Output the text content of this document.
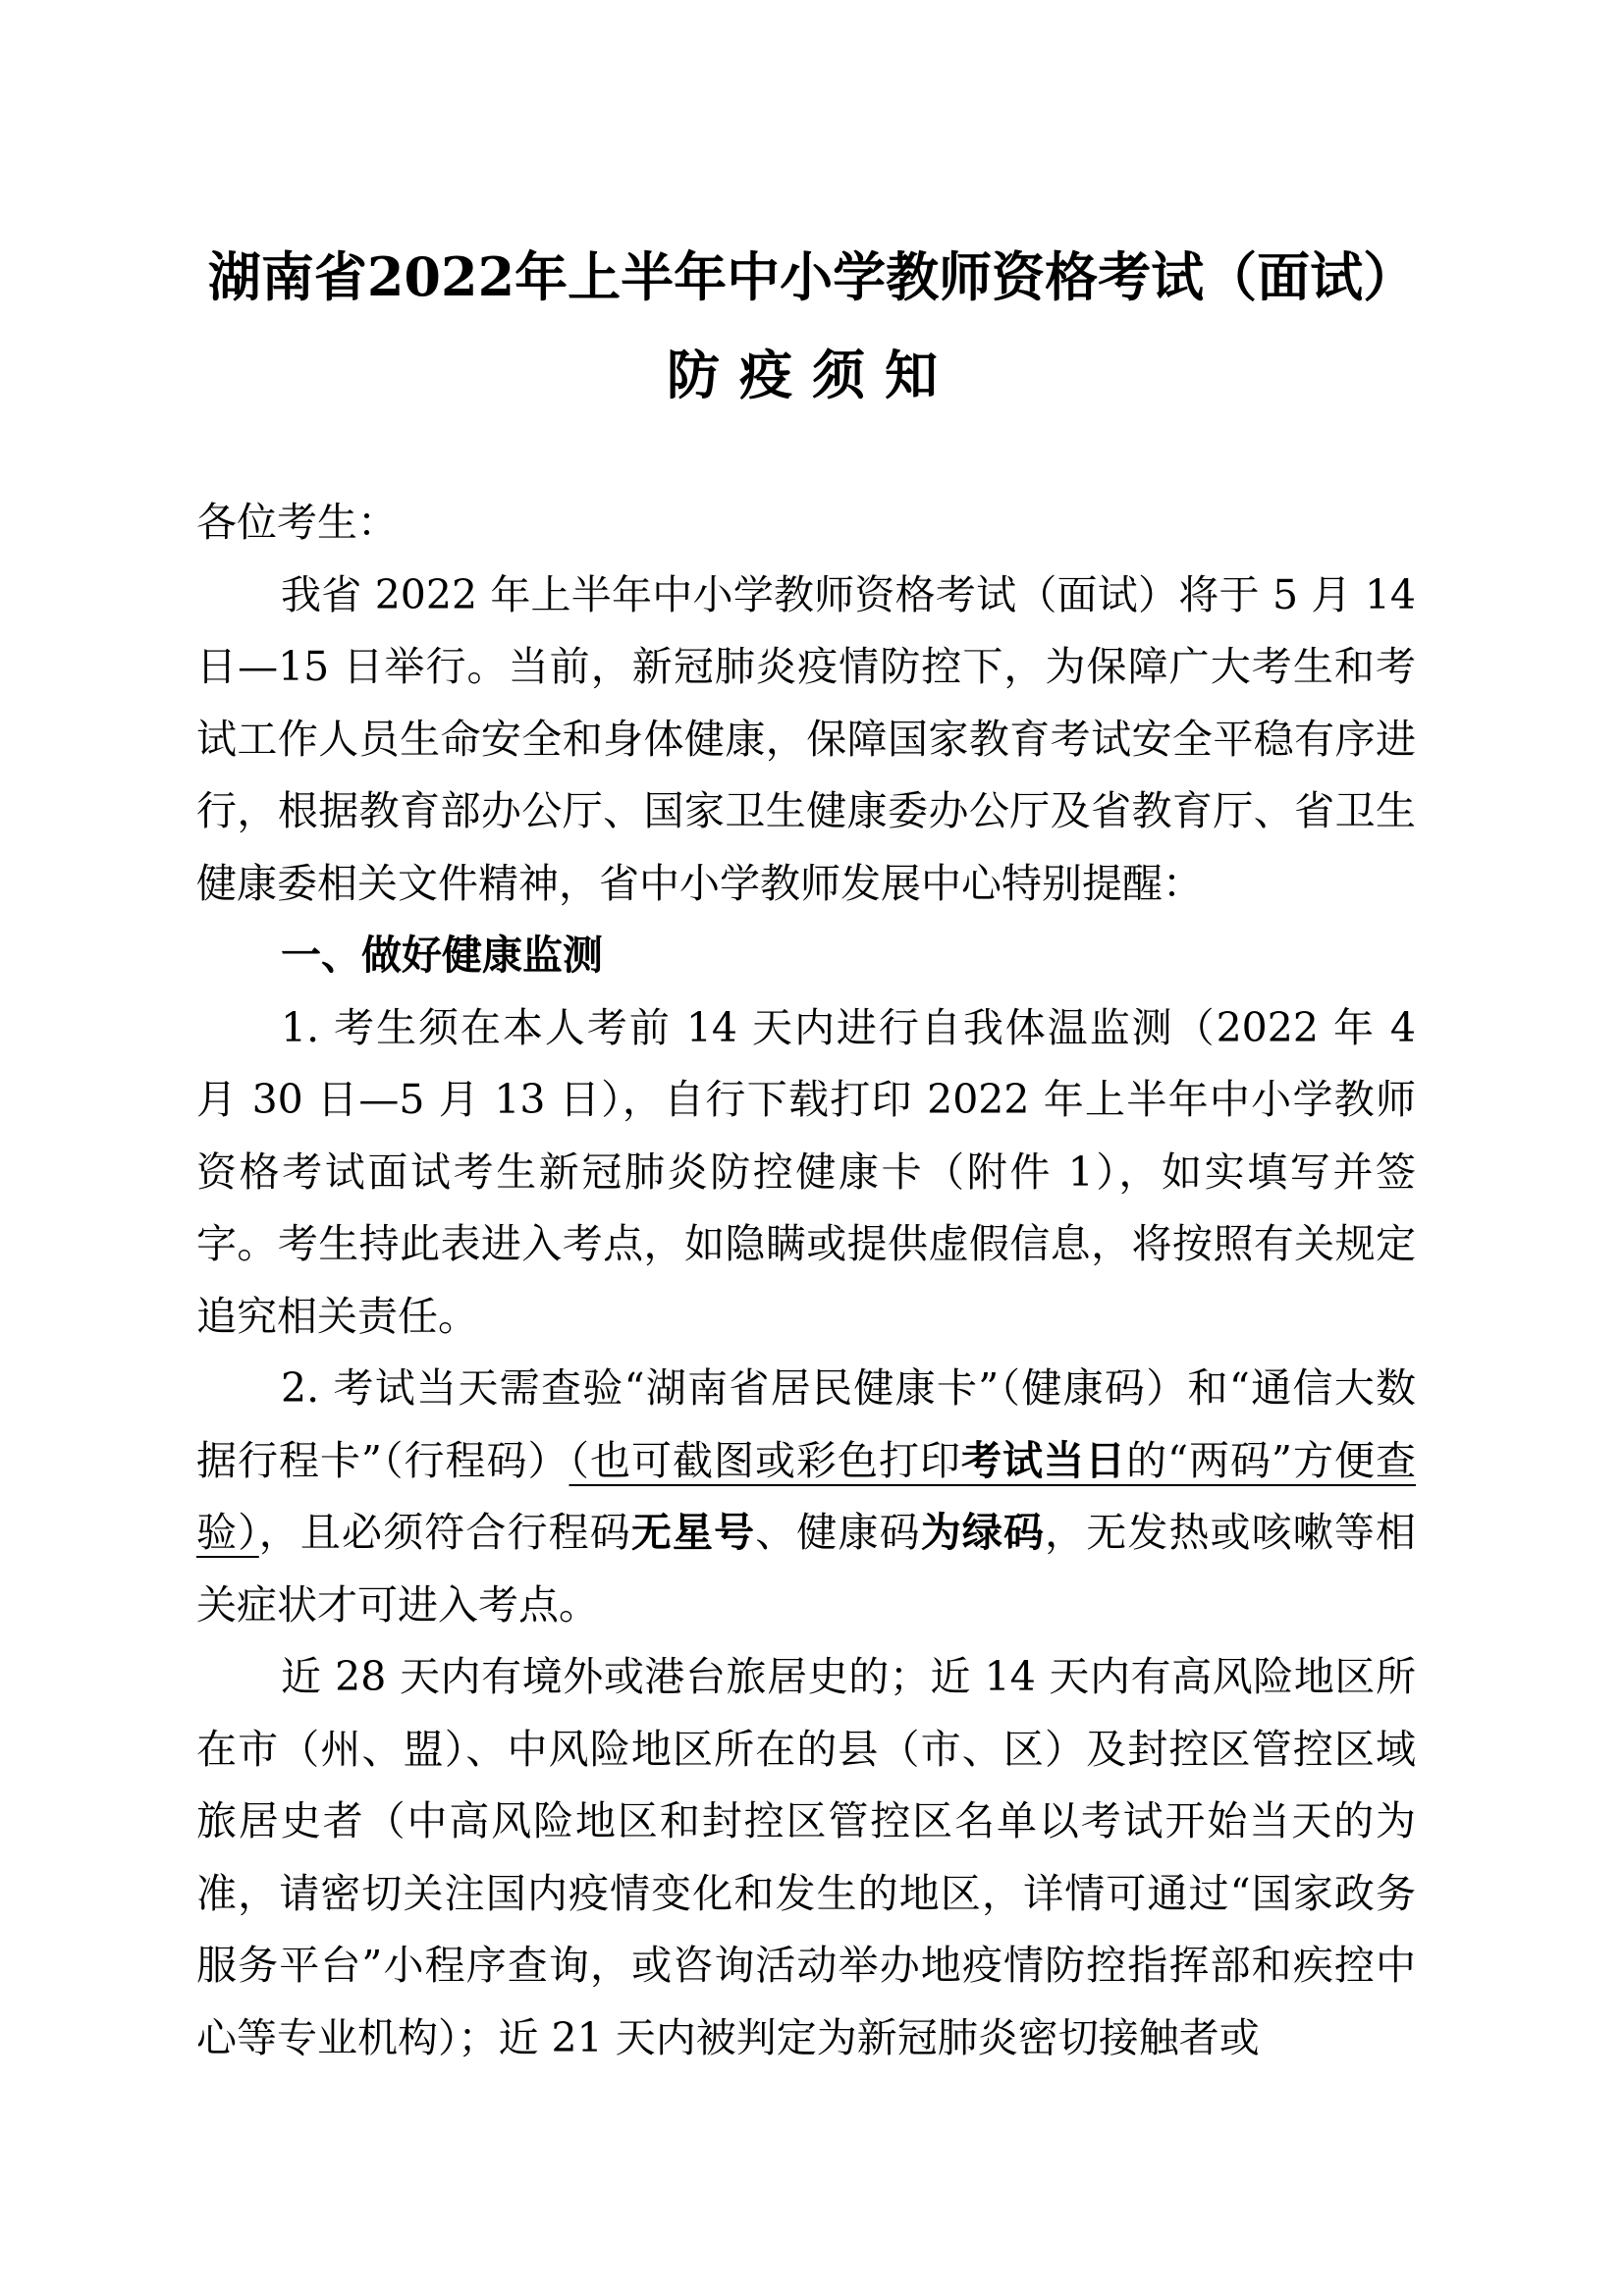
湖南省2022年上半年中小学教师资格考试（面试）
防疫须知

各位考生：

我省 2022 年上半年中小学教师资格考试（面试）将于 5 月 14 日—15 日举行。当前，新冠肺炎疫情防控下，为保障广大考生和考试工作人员生命安全和身体健康，保障国家教育考试安全平稳有序进行，根据教育部办公厅、国家卫生健康委办公厅及省教育厅、省卫生健康委相关文件精神，省中小学教师发展中心特别提醒：

一、做好健康监测

1. 考生须在本人考前 14 天内进行自我体温监测（2022 年 4 月 30 日—5 月 13 日），自行下载打印 2022 年上半年中小学教师资格考试面试考生新冠肺炎防控健康卡（附件 1），如实填写并签字。考生持此表进入考点，如隐瞒或提供虚假信息，将按照有关规定追究相关责任。

2. 考试当天需查验“湖南省居民健康卡”（健康码）和“通信大数据行程卡”（行程码）（也可截图或彩色打印考试当日的“两码”方便查验），且必须符合行程码无星号、健康码为绿码，无发热或咳嗽等相关症状才可进入考点。

近 28 天内有境外或港台旅居史的；近 14 天内有高风险地区所在市（州、盟）、中风险地区所在的县（市、区）及封控区管控区域旅居史者（中高风险地区和封控区管控区名单以考试开始当天的为准，请密切关注国内疫情变化和发生的地区，详情可通过“国家政务服务平台”小程序查询，或咨询活动举办地疫情防控指挥部和疾控中心等专业机构）；近 21 天内被判定为新冠肺炎密切接触者或
